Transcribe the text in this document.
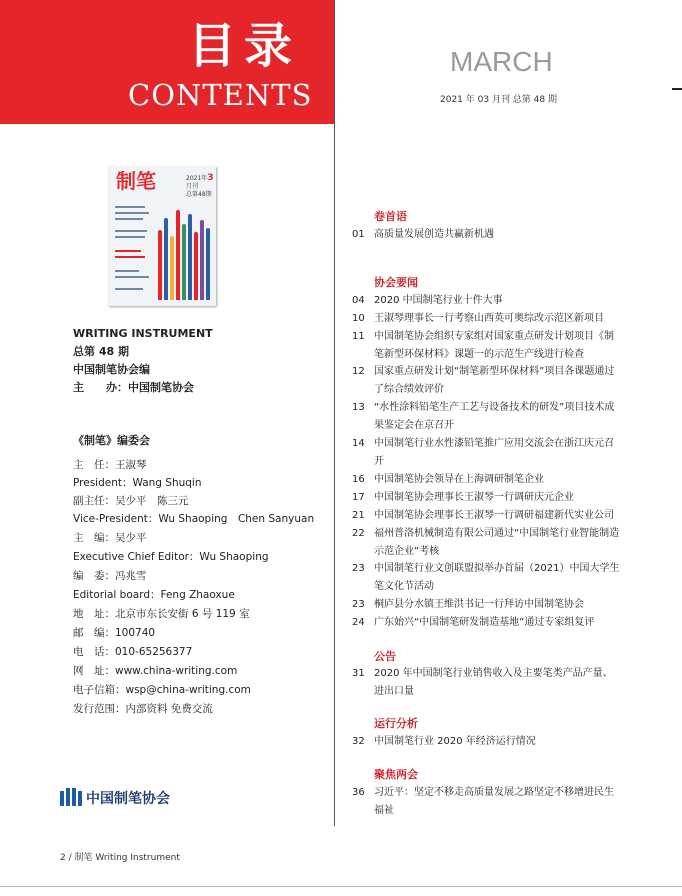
目录
CONTENTS
MARCH
2021 年 03 月刊 总第 48 期
制笔	2021年3月刊
总第48期
WRITING INSTRUMENT
总第 48 期
中国制笔协会编
主　　办：中国制笔协会
《制笔》编委会
主　任：王淑琴
President：Wang Shuqin
副主任：吴少平　陈三元
Vice-President：Wu Shaoping　Chen Sanyuan
主　编：吴少平
Executive Chief Editor：Wu Shaoping
编　委：冯兆雪
Editorial board：Feng Zhaoxue
地　址：北京市东长安街 6 号 119 室
邮　编：100740
电　话：010-65256377
网　址：www.china-writing.com
电子信箱：wsp@china-writing.com
发行范围：内部资料 免费交流
中国制笔协会
2 / 制笔 Writing Instrument
卷首语
01 高质量发展创造共赢新机遇
协会要闻
04 2020 中国制笔行业十件大事
10 王淑琴理事长一行考察山西英可奥综改示范区新项目
11 中国制笔协会组织专家组对国家重点研发计划项目《制笔新型环保材料》课题一的示范生产线进行检查
12 国家重点研发计划“制笔新型环保材料”项目各课题通过了综合绩效评价
13 “水性涂料铅笔生产工艺与设备技术的研发”项目技术成果鉴定会在京召开
14 中国制笔行业水性漆铅笔推广应用交流会在浙江庆元召开
16 中国制笔协会领导在上海调研制笔企业
17 中国制笔协会理事长王淑琴一行调研庆元企业
21 中国制笔协会理事长王淑琴一行调研福建新代实业公司
22 福州普洛机械制造有限公司通过“中国制笔行业智能制造示范企业”考核
23 中国制笔行业文创联盟拟举办首届（2021）中国大学生笔文化节活动
23 桐庐县分水镇王维洪书记一行拜访中国制笔协会
24 广东始兴“中国制笔研发制造基地”通过专家组复评
公告
31 2020 年中国制笔行业销售收入及主要笔类产品产量、进出口量
运行分析
32 中国制笔行业 2020 年经济运行情况
聚焦两会
36 习近平：坚定不移走高质量发展之路坚定不移增进民生福祉
